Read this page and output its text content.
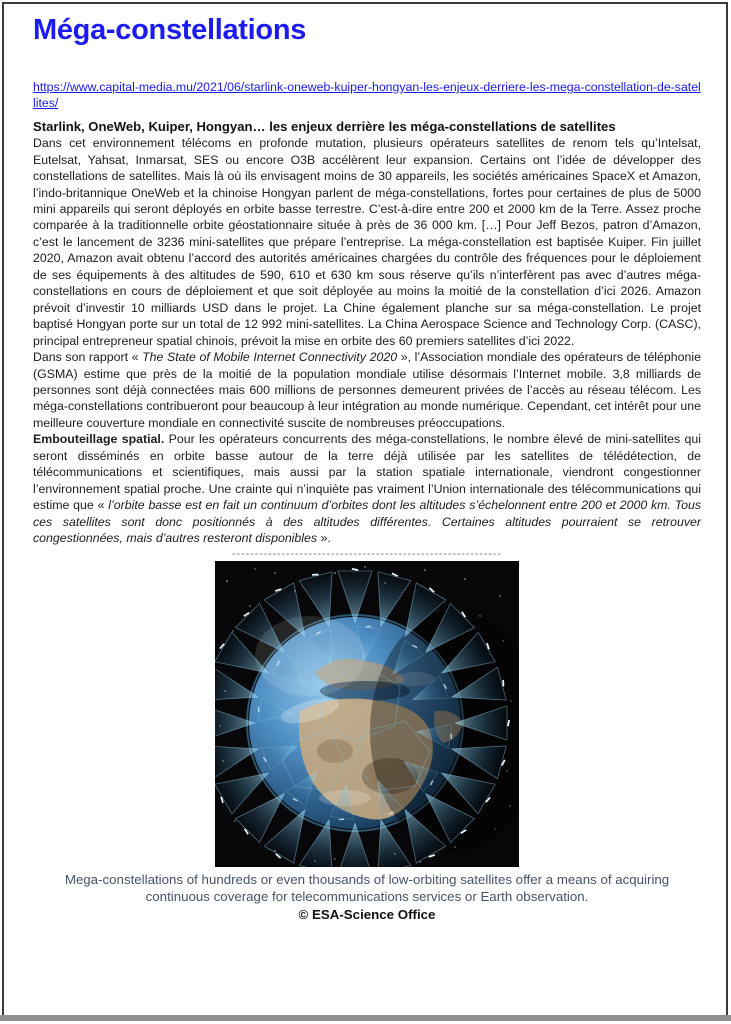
Méga-constellations
https://www.capital-media.mu/2021/06/starlink-oneweb-kuiper-hongyan-les-enjeux-derriere-les-mega-constellation-de-satellites/
Starlink, OneWeb, Kuiper, Hongyan… les enjeux derrière les méga-constellations de satellites

Dans cet environnement télécoms en profonde mutation, plusieurs opérateurs satellites de renom tels qu’Intelsat, Eutelsat, Yahsat, Inmarsat, SES ou encore O3B accélèrent leur expansion. Certains ont l’idée de développer des constellations de satellites. Mais là où ils envisagent moins de 30 appareils, les sociétés américaines SpaceX et Amazon, l’indo-britannique OneWeb et la chinoise Hongyan parlent de méga-constellations, fortes pour certaines de plus de 5000 mini appareils qui seront déployés en orbite basse terrestre. C’est-à-dire entre 200 et 2000 km de la Terre. Assez proche comparée à la traditionnelle orbite géostationnaire située à près de 36 000 km. […] Pour Jeff Bezos, patron d’Amazon, c’est le lancement de 3236 mini-satellites que prépare l’entreprise. La méga-constellation est baptisée Kuiper. Fin juillet 2020, Amazon avait obtenu l’accord des autorités américaines chargées du contrôle des fréquences pour le déploiement de ses équipements à des altitudes de 590, 610 et 630 km sous réserve qu’ils n’interfèrent pas avec d’autres méga-constellations en cours de déploiement et que soit déployée au moins la moitié de la constellation d’ici 2026. Amazon prévoit d’investir 10 milliards USD dans le projet. La Chine également planche sur sa méga-constellation. Le projet baptisé Hongyan porte sur un total de 12 992 mini-satellites. La China Aerospace Science and Technology Corp. (CASC), principal entrepreneur spatial chinois, prévoit la mise en orbite des 60 premiers satellites d’ici 2022.

Dans son rapport « The State of Mobile Internet Connectivity 2020 », l’Association mondiale des opérateurs de téléphonie (GSMA) estime que près de la moitié de la population mondiale utilise désormais l’Internet mobile. 3,8 milliards de personnes sont déjà connectées mais 600 millions de personnes demeurent privées de l’accès au réseau télécom. Les méga-constellations contribueront pour beaucoup à leur intégration au monde numérique. Cependant, cet intérêt pour une meilleure couverture mondiale en connectivité suscite de nombreuses préoccupations.

Embouteillage spatial. Pour les opérateurs concurrents des méga-constellations, le nombre élevé de mini-satellites qui seront disséminés en orbite basse autour de la terre déjà utilisée par les satellites de télédétection, de télécommunications et scientifiques, mais aussi par la station spatiale internationale, viendront congestionner l’environnement spatial proche. Une crainte qui n’inquiète pas vraiment l’Union internationale des télécommunications qui estime que « l’orbite basse est en fait un continuum d’orbites dont les altitudes s’échelonnent entre 200 et 2000 km. Tous ces satellites sont donc positionnés à des altitudes différentes. Certaines altitudes pourraient se retrouver congestionnées, mais d’autres resteront disponibles ».

------------------------------------------------------------

Mega-constellations of hundreds or even thousands of low-orbiting satellites offer a means of acquiring continuous coverage for telecommunications services or Earth observation.

© ESA-Science Office
